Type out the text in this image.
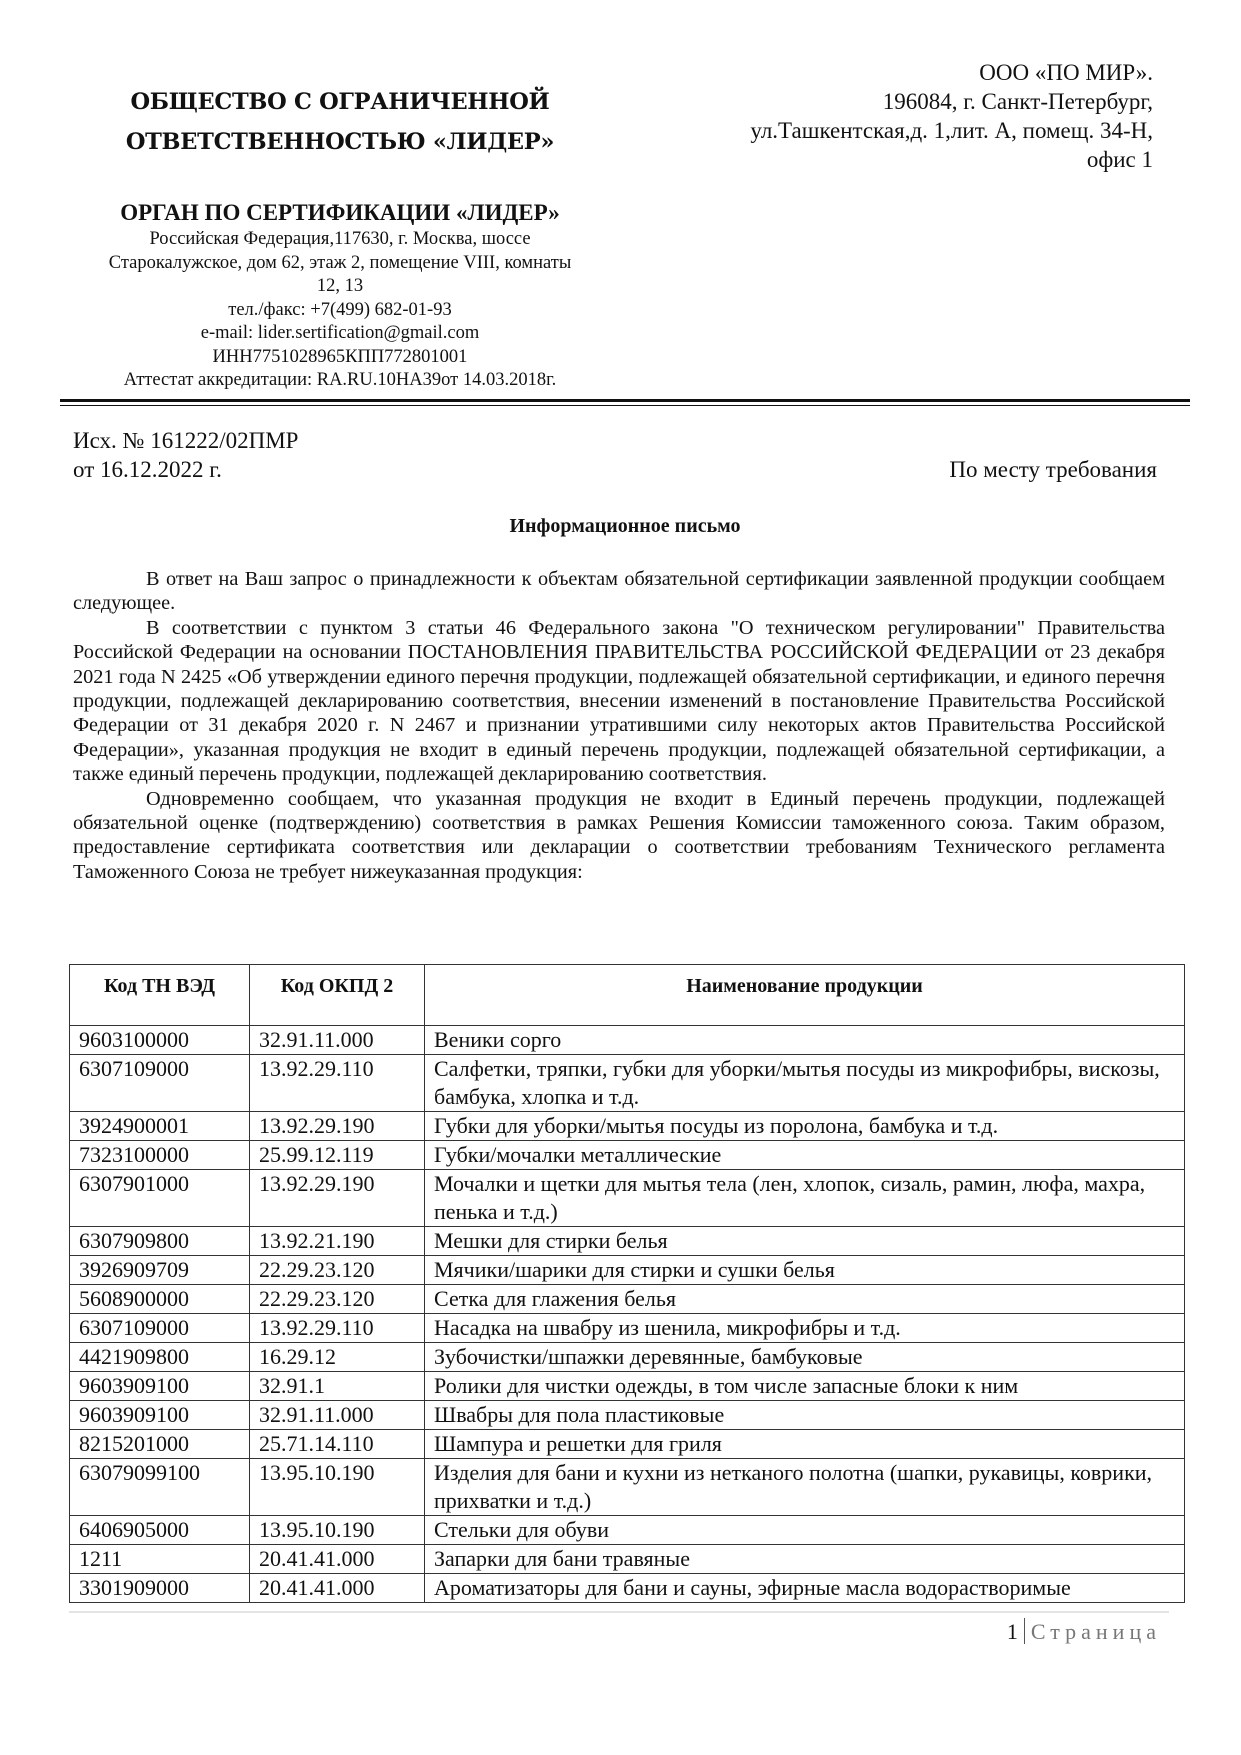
ОБЩЕСТВО С ОГРАНИЧЕННОЙ
ОТВЕТСТВЕННОСТЬЮ «ЛИДЕР»
ОРГАН ПО СЕРТИФИКАЦИИ «ЛИДЕР»
Российская Федерация,117630, г. Москва, шоссе
Старокалужское, дом 62, этаж 2, помещение VIII, комнаты
12, 13
тел./факс: +7(499) 682-01-93
e-mail: lider.sertification@gmail.com
ИНН7751028965КПП772801001
Аттестат аккредитации: RA.RU.10НА39от 14.03.2018г.
ООО «ПО МИР».
196084, г. Санкт-Петербург,
ул.Ташкентская,д. 1,лит. А, помещ. 34-Н,
офис 1
Исх. № 161222/02ПМР
от 16.12.2022 г.	По месту требования
Информационное письмо

В ответ на Ваш запрос о принадлежности к объектам обязательной сертификации заявленной продукции сообщаем следующее.

В соответствии с пунктом 3 статьи 46 Федерального закона "О техническом регулировании" Правительства Российской Федерации на основании ПОСТАНОВЛЕНИЯ ПРАВИТЕЛЬСТВА РОССИЙСКОЙ ФЕДЕРАЦИИ от 23 декабря 2021 года N 2425 «Об утверждении единого перечня продукции, подлежащей обязательной сертификации, и единого перечня продукции, подлежащей декларированию соответствия, внесении изменений в постановление Правительства Российской Федерации от 31 декабря 2020 г. N 2467 и признании утратившими силу некоторых актов Правительства Российской Федерации», указанная продукция не входит в единый перечень продукции, подлежащей обязательной сертификации, а также единый перечень продукции, подлежащей декларированию соответствия.

Одновременно сообщаем, что указанная продукция не входит в Единый перечень продукции, подлежащей обязательной оценке (подтверждению) соответствия в рамках Решения Комиссии таможенного союза. Таким образом, предоставление сертификата соответствия или декларации о соответствии требованиям Технического регламента Таможенного Союза не требует нижеуказанная продукция:

Код ТН ВЭД	Код ОКПД 2	Наименование продукции
9603100000	32.91.11.000	Веники сорго
6307109000	13.92.29.110	Салфетки, тряпки, губки для уборки/мытья посуды из микрофибры, вискозы, бамбука, хлопка и т.д.
3924900001	13.92.29.190	Губки для уборки/мытья посуды из поролона, бамбука и т.д.
7323100000	25.99.12.119	Губки/мочалки металлические
6307901000	13.92.29.190	Мочалки и щетки для мытья тела (лен, хлопок, сизаль, рамин, люфа, махра, пенька и т.д.)
6307909800	13.92.21.190	Мешки для стирки белья
3926909709	22.29.23.120	Мячики/шарики для стирки и сушки белья
5608900000	22.29.23.120	Сетка для глажения белья
6307109000	13.92.29.110	Насадка на швабру из шенила, микрофибры и т.д.
4421909800	16.29.12	Зубочистки/шпажки деревянные, бамбуковые
9603909100	32.91.1	Ролики для чистки одежды, в том числе запасные блоки к ним
9603909100	32.91.11.000	Швабры для пола пластиковые
8215201000	25.71.14.110	Шампура и решетки для гриля
63079099100	13.95.10.190	Изделия для бани и кухни из нетканого полотна (шапки, рукавицы, коврики, прихватки и т.д.)
6406905000	13.95.10.190	Стельки для обуви
1211	20.41.41.000	Запарки для бани травяные
3301909000	20.41.41.000	Ароматизаторы для бани и сауны, эфирные масла водорастворимые
1 Страница
